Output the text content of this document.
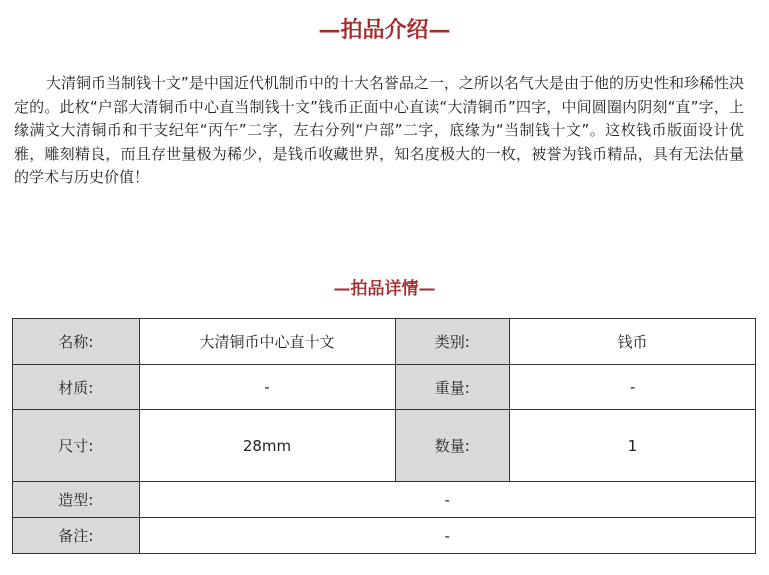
—拍品介绍—

大清铜币当制钱十文”是中国近代机制币中的十大名誉品之一，之所以名气大是由于他的历史性和珍稀性决定的。此枚“户部大清铜币中心直当制钱十文”钱币正面中心直读“大清铜币”四字，中间圆圈内阴刻“直”字，上缘满文大清铜币和干支纪年“丙午”二字，左右分列“户部”二字，底缘为“当制钱十文”。这枚钱币版面设计优雅，雕刻精良，而且存世量极为稀少，是钱币收藏世界，知名度极大的一枚，被誉为钱币精品，具有无法估量的学术与历史价值！

—拍品详情—
名称:	大清铜币中心直十文	类别:	钱币
材质:	-	重量:	-
尺寸:	28mm	数量:	1
造型:	-		
备注:	-		
